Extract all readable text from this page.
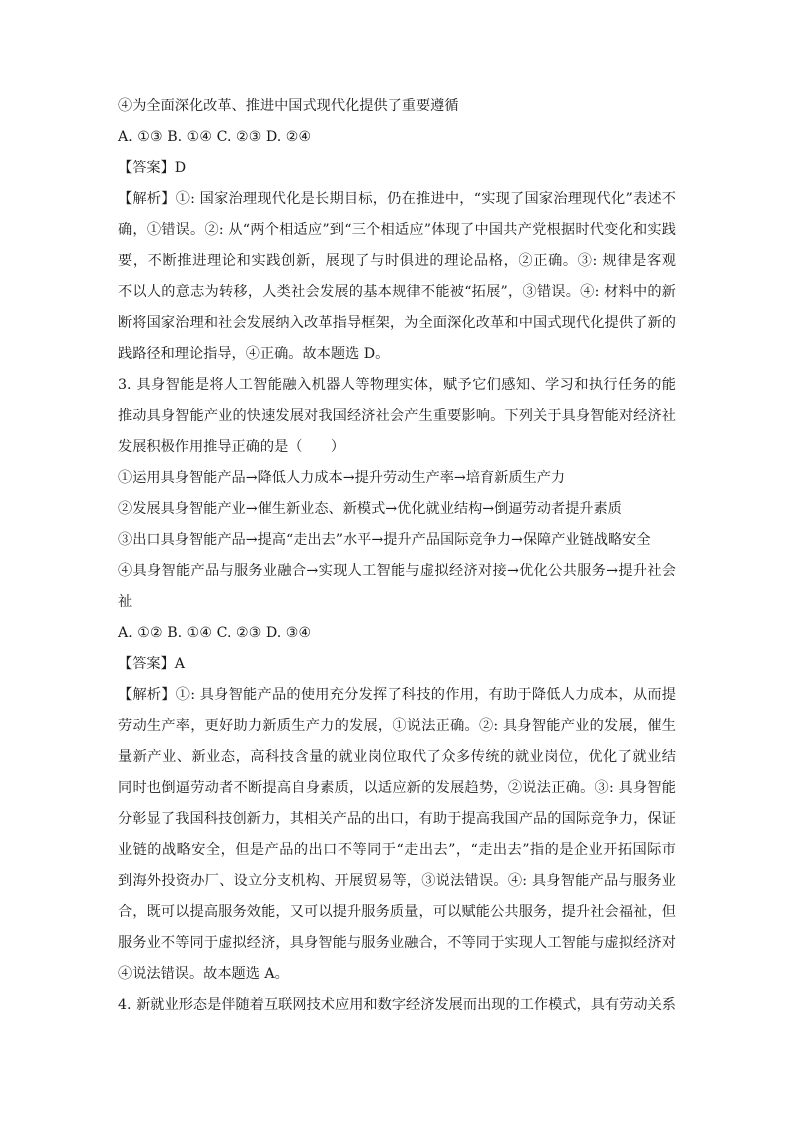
④为全面深化改革、推进中国式现代化提供了重要遵循
A. ①③ B. ①④ C. ②③ D. ②④
【答案】D
【解析】①: 国家治理现代化是长期目标，仍在推进中，“实现了国家治理现代化”表述不
确，①错误。②: 从“两个相适应”到“三个相适应”体现了中国共产党根据时代变化和实践
要，不断推进理论和实践创新，展现了与时俱进的理论品格，②正确。③: 规律是客观
不以人的意志为转移，人类社会发展的基本规律不能被“拓展”，③错误。④: 材料中的新
断将国家治理和社会发展纳入改革指导框架，为全面深化改革和中国式现代化提供了新的
践路径和理论指导，④正确。故本题选 D。
3. 具身智能是将人工智能融入机器人等物理实体，赋予它们感知、学习和执行任务的能
推动具身智能产业的快速发展对我国经济社会产生重要影响。下列关于具身智能对经济社
发展积极作用推导正确的是（　　）
①运用具身智能产品→降低人力成本→提升劳动生产率→培育新质生产力
②发展具身智能产业→催生新业态、新模式→优化就业结构→倒逼劳动者提升素质
③出口具身智能产品→提高“走出去”水平→提升产品国际竞争力→保障产业链战略安全
④具身智能产品与服务业融合→实现人工智能与虚拟经济对接→优化公共服务→提升社会
祉
A. ①② B. ①④ C. ②③ D. ③④
【答案】A
【解析】①: 具身智能产品的使用充分发挥了科技的作用，有助于降低人力成本，从而提
劳动生产率，更好助力新质生产力的发展，①说法正确。②: 具身智能产业的发展，催生
量新产业、新业态，高科技含量的就业岗位取代了众多传统的就业岗位，优化了就业结
同时也倒逼劳动者不断提高自身素质，以适应新的发展趋势，②说法正确。③: 具身智能
分彰显了我国科技创新力，其相关产品的出口，有助于提高我国产品的国际竞争力，保证
业链的战略安全，但是产品的出口不等同于“走出去”，“走出去”指的是企业开拓国际市
到海外投资办厂、设立分支机构、开展贸易等，③说法错误。④: 具身智能产品与服务业
合，既可以提高服务效能，又可以提升服务质量，可以赋能公共服务，提升社会福祉，但
服务业不等同于虚拟经济，具身智能与服务业融合，不等同于实现人工智能与虚拟经济对
④说法错误。故本题选 A。
4. 新就业形态是伴随着互联网技术应用和数字经济发展而出现的工作模式，具有劳动关系
